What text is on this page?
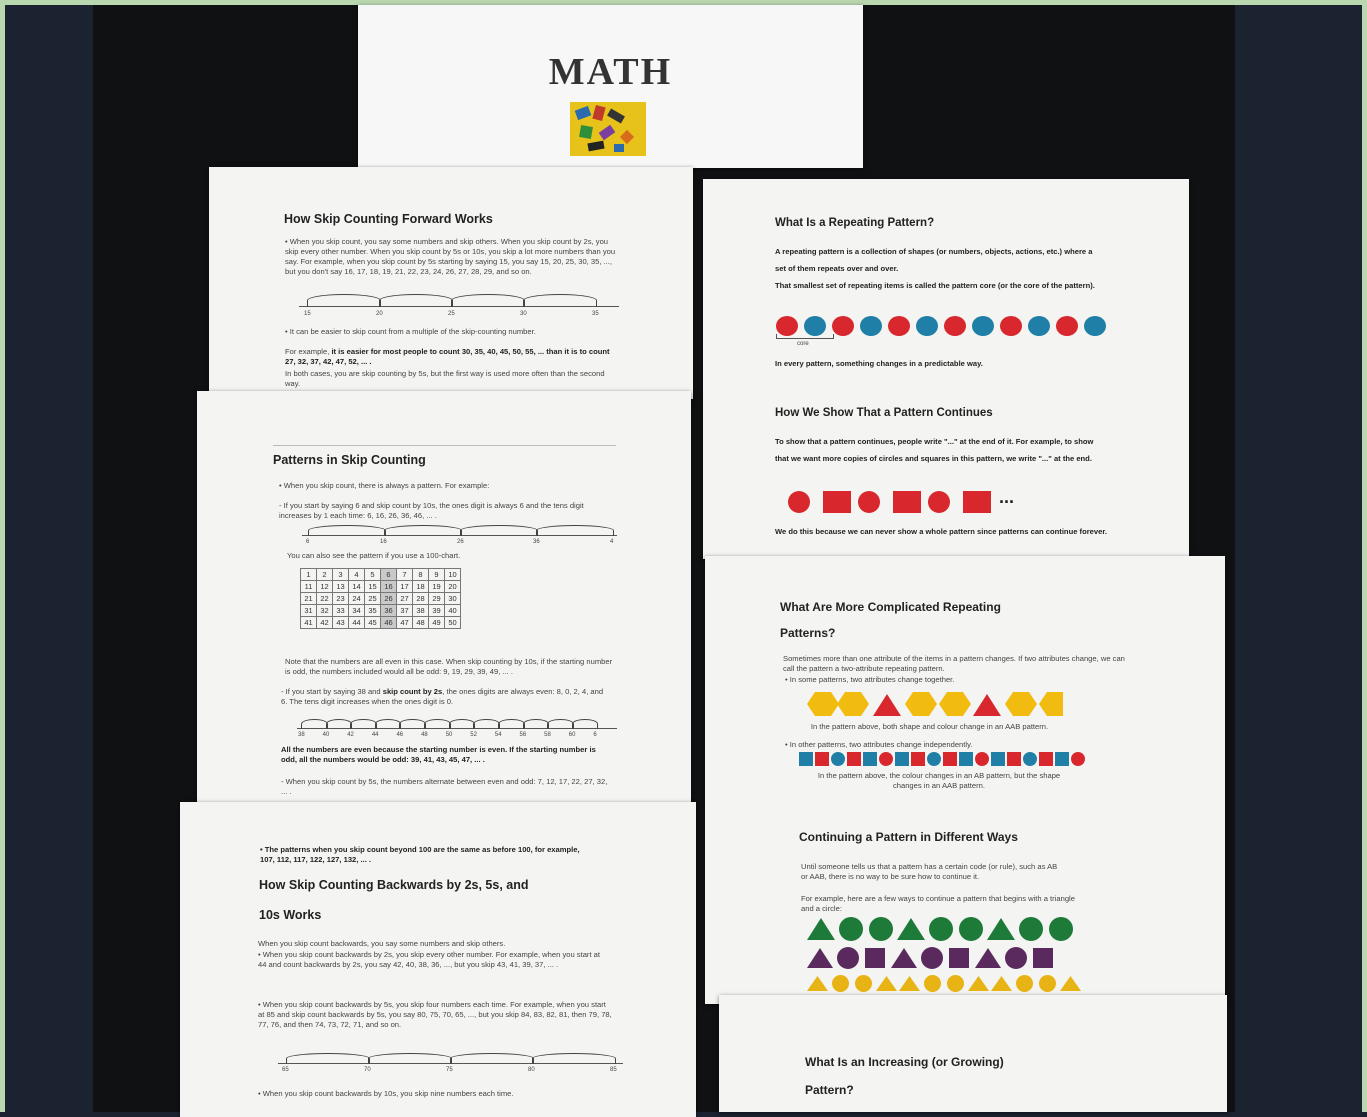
MATH
How Skip Counting Forward Works
• When you skip count, you say some numbers and skip others. When you skip count by 2s, you skip every other number. When you skip count by 5s or 10s, you skip a lot more numbers than you say. For example, when you skip count by 5s starting by saying 15, you say 15, 20, 25, 30, 35, ..., but you don't say 16, 17, 18, 19, 21, 22, 23, 24, 26, 27, 28, 29, and so on.
15	20	25	30	35
• It can be easier to skip count from a multiple of the skip-counting number.
For example, it is easier for most people to count 30, 35, 40, 45, 50, 55, ... than it is to count 27, 32, 37, 42, 47, 52, ... .
In both cases, you are skip counting by 5s, but the first way is used more often than the second way.
Patterns in Skip Counting
• When you skip count, there is always a pattern. For example:
- If you start by saying 6 and skip count by 10s, the ones digit is always 6 and the tens digit increases by 1 each time: 6, 16, 26, 36, 46, ... .
6	16	26	36	4
You can also see the pattern if you use a 100-chart.
1	2	3	4	5	6	7	8	9	10
11	12	13	14	15	16	17	18	19	20
21	22	23	24	25	26	27	28	29	30
31	32	33	34	35	36	37	38	39	40
41	42	43	44	45	46	47	48	49	50
Note that the numbers are all even in this case. When skip counting by 10s, if the starting number is odd, the numbers included would all be odd: 9, 19, 29, 39, 49, ... .
- If you start by saying 38 and skip count by 2s, the ones digits are always even: 8, 0, 2, 4, and 6. The tens digit increases when the ones digit is 0.
38	40	42	44	46	48	50	52	54	56	58	60	6
All the numbers are even because the starting number is even. If the starting number is odd, all the numbers would be odd: 39, 41, 43, 45, 47, ... .
- When you skip count by 5s, the numbers alternate between even and odd: 7, 12, 17, 22, 27, 32, ... .
• The patterns when you skip count beyond 100 are the same as before 100, for example, 107, 112, 117, 122, 127, 132, ... .
How Skip Counting Backwards by 2s, 5s, and
10s Works
When you skip count backwards, you say some numbers and skip others.
• When you skip count backwards by 2s, you skip every other number. For example, when you start at 44 and count backwards by 2s, you say 42, 40, 38, 36, ..., but you skip 43, 41, 39, 37, ... .
• When you skip count backwards by 5s, you skip four numbers each time. For example, when you start at 85 and skip count backwards by 5s, you say 80, 75, 70, 65, ..., but you skip 84, 83, 82, 81, then 79, 78, 77, 76, and then 74, 73, 72, 71, and so on.
65	70	75	80	85
• When you skip count backwards by 10s, you skip nine numbers each time.
What Is a Repeating Pattern?
A repeating pattern is a collection of shapes (or numbers, objects, actions, etc.) where a set of them repeats over and over.
That smallest set of repeating items is called the pattern core (or the core of the pattern).
core
In every pattern, something changes in a predictable way.
How We Show That a Pattern Continues
To show that a pattern continues, people write "..." at the end of it. For example, to show that we want more copies of circles and squares in this pattern, we write "..." at the end.
...
We do this because we can never show a whole pattern since patterns can continue forever.
What Are More Complicated Repeating
Patterns?
Sometimes more than one attribute of the items in a pattern changes. If two attributes change, we can call the pattern a two-attribute repeating pattern.
• In some patterns, two attributes change together.
In the pattern above, both shape and colour change in an AAB pattern.
• In other patterns, two attributes change independently.
In the pattern above, the colour changes in an AB pattern, but the shape changes in an AAB pattern.
Continuing a Pattern in Different Ways
Until someone tells us that a pattern has a certain code (or rule), such as AB or AAB, there is no way to be sure how to continue it.
For example, here are a few ways to continue a pattern that begins with a triangle and a circle:
What Is an Increasing (or Growing)
Pattern?
